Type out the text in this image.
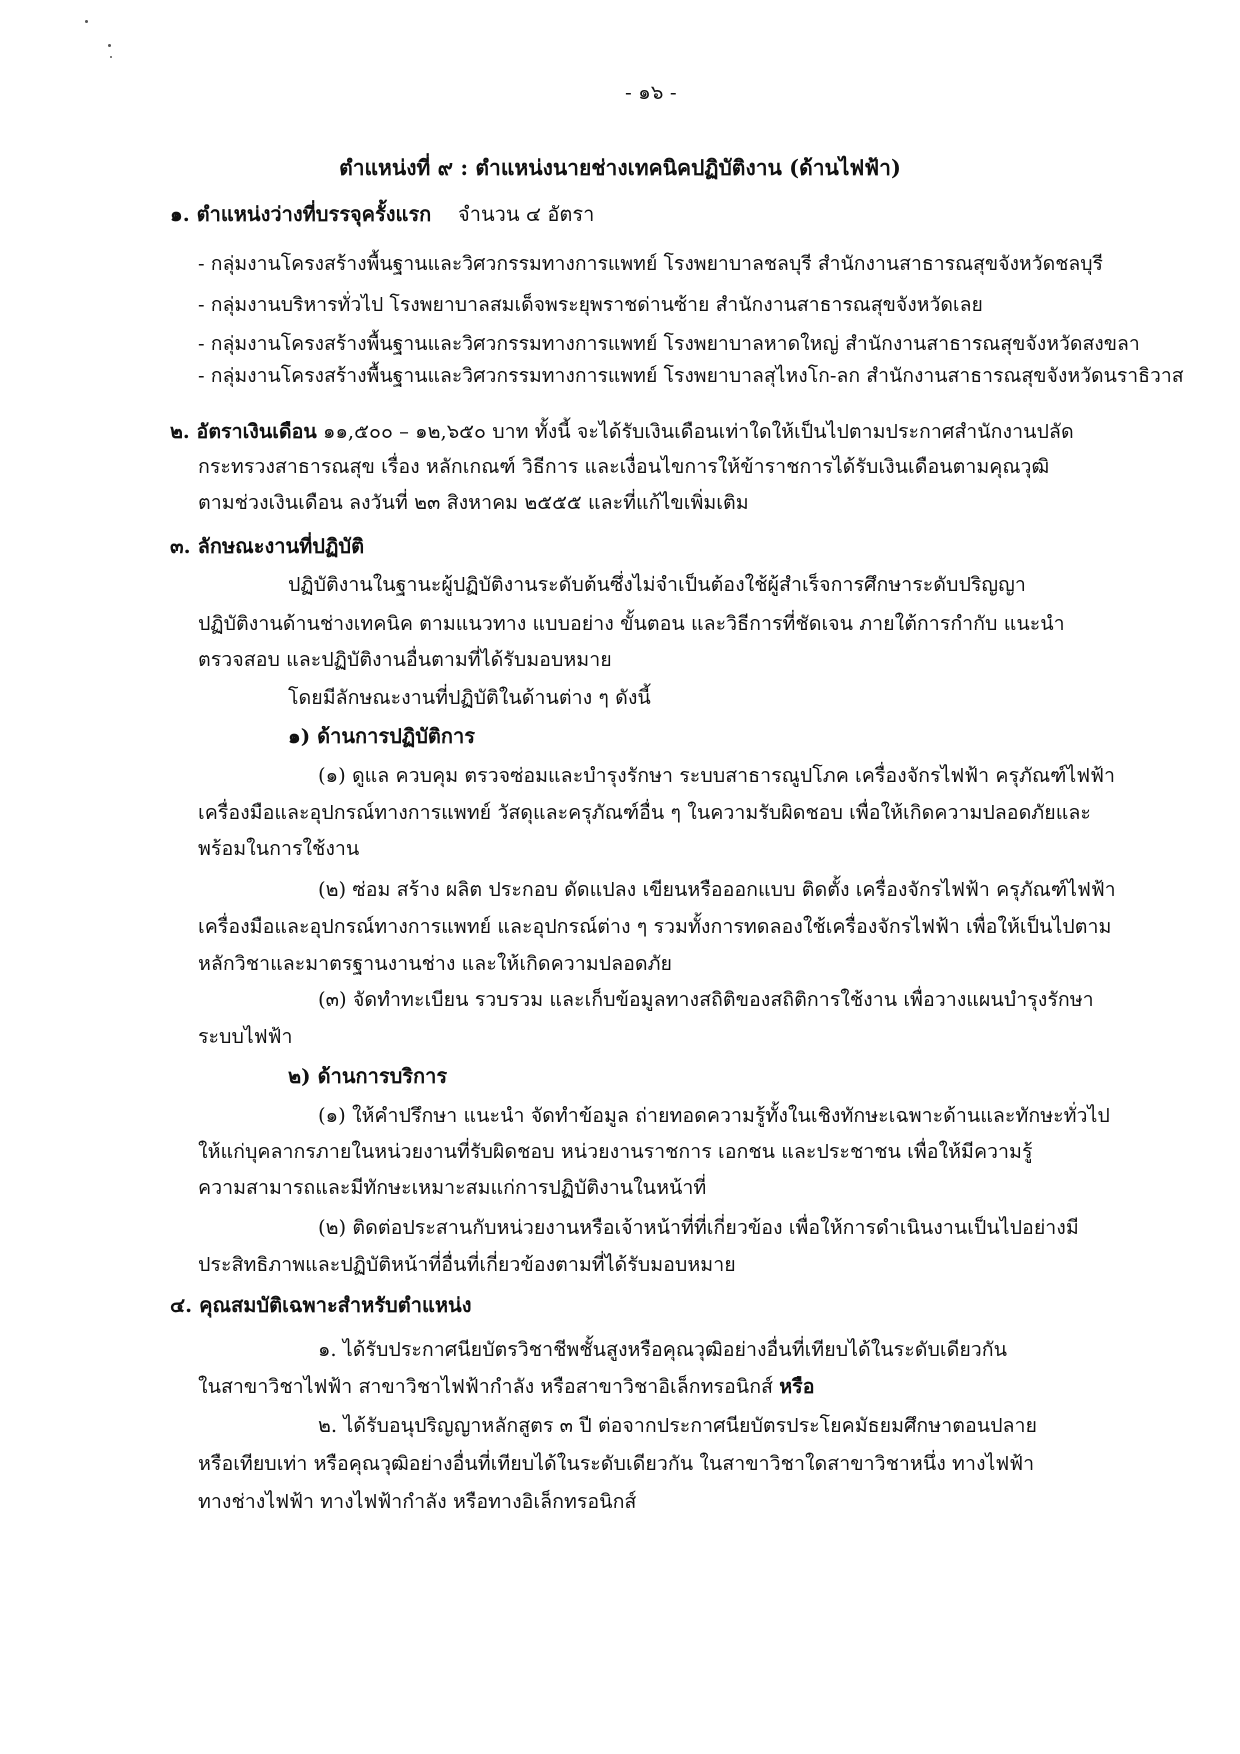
- ๑๖ -
ตำแหน่งที่ ๙ : ตำแหน่งนายช่างเทคนิคปฏิบัติงาน (ด้านไฟฟ้า)
๑. ตำแหน่งว่างที่บรรจุครั้งแรก จำนวน ๔ อัตรา
- กลุ่มงานโครงสร้างพื้นฐานและวิศวกรรมทางการแพทย์ โรงพยาบาลชลบุรี สำนักงานสาธารณสุขจังหวัดชลบุรี
- กลุ่มงานบริหารทั่วไป โรงพยาบาลสมเด็จพระยุพราชด่านซ้าย สำนักงานสาธารณสุขจังหวัดเลย
- กลุ่มงานโครงสร้างพื้นฐานและวิศวกรรมทางการแพทย์ โรงพยาบาลหาดใหญ่ สำนักงานสาธารณสุขจังหวัดสงขลา
- กลุ่มงานโครงสร้างพื้นฐานและวิศวกรรมทางการแพทย์ โรงพยาบาลสุไหงโก-ลก สำนักงานสาธารณสุขจังหวัดนราธิวาส
๒. อัตราเงินเดือน ๑๑,๕๐๐ – ๑๒,๖๕๐ บาท ทั้งนี้ จะได้รับเงินเดือนเท่าใดให้เป็นไปตามประกาศสำนักงานปลัด
กระทรวงสาธารณสุข เรื่อง หลักเกณฑ์ วิธีการ และเงื่อนไขการให้ข้าราชการได้รับเงินเดือนตามคุณวุฒิ
ตามช่วงเงินเดือน ลงวันที่ ๒๓ สิงหาคม ๒๕๕๕ และที่แก้ไขเพิ่มเติม
๓. ลักษณะงานที่ปฏิบัติ
ปฏิบัติงานในฐานะผู้ปฏิบัติงานระดับต้นซึ่งไม่จำเป็นต้องใช้ผู้สำเร็จการศึกษาระดับปริญญา
ปฏิบัติงานด้านช่างเทคนิค ตามแนวทาง แบบอย่าง ขั้นตอน และวิธีการที่ชัดเจน ภายใต้การกำกับ แนะนำ
ตรวจสอบ และปฏิบัติงานอื่นตามที่ได้รับมอบหมาย
โดยมีลักษณะงานที่ปฏิบัติในด้านต่าง ๆ ดังนี้
๑) ด้านการปฏิบัติการ
(๑) ดูแล ควบคุม ตรวจซ่อมและบำรุงรักษา ระบบสาธารณูปโภค เครื่องจักรไฟฟ้า ครุภัณฑ์ไฟฟ้า
เครื่องมือและอุปกรณ์ทางการแพทย์ วัสดุและครุภัณฑ์อื่น ๆ ในความรับผิดชอบ เพื่อให้เกิดความปลอดภัยและ
พร้อมในการใช้งาน
(๒) ซ่อม สร้าง ผลิต ประกอบ ดัดแปลง เขียนหรือออกแบบ ติดตั้ง เครื่องจักรไฟฟ้า ครุภัณฑ์ไฟฟ้า
เครื่องมือและอุปกรณ์ทางการแพทย์ และอุปกรณ์ต่าง ๆ รวมทั้งการทดลองใช้เครื่องจักรไฟฟ้า เพื่อให้เป็นไปตาม
หลักวิชาและมาตรฐานงานช่าง และให้เกิดความปลอดภัย
(๓) จัดทำทะเบียน รวบรวม และเก็บข้อมูลทางสถิติของสถิติการใช้งาน เพื่อวางแผนบำรุงรักษา
ระบบไฟฟ้า
๒) ด้านการบริการ
(๑) ให้คำปรึกษา แนะนำ จัดทำข้อมูล ถ่ายทอดความรู้ทั้งในเชิงทักษะเฉพาะด้านและทักษะทั่วไป
ให้แก่บุคลากรภายในหน่วยงานที่รับผิดชอบ หน่วยงานราชการ เอกชน และประชาชน เพื่อให้มีความรู้
ความสามารถและมีทักษะเหมาะสมแก่การปฏิบัติงานในหน้าที่
(๒) ติดต่อประสานกับหน่วยงานหรือเจ้าหน้าที่ที่เกี่ยวข้อง เพื่อให้การดำเนินงานเป็นไปอย่างมี
ประสิทธิภาพและปฏิบัติหน้าที่อื่นที่เกี่ยวข้องตามที่ได้รับมอบหมาย
๔. คุณสมบัติเฉพาะสำหรับตำแหน่ง
๑. ได้รับประกาศนียบัตรวิชาชีพชั้นสูงหรือคุณวุฒิอย่างอื่นที่เทียบได้ในระดับเดียวกัน
ในสาขาวิชาไฟฟ้า สาขาวิชาไฟฟ้ากำลัง หรือสาขาวิชาอิเล็กทรอนิกส์ หรือ
๒. ได้รับอนุปริญญาหลักสูตร ๓ ปี ต่อจากประกาศนียบัตรประโยคมัธยมศึกษาตอนปลาย
หรือเทียบเท่า หรือคุณวุฒิอย่างอื่นที่เทียบได้ในระดับเดียวกัน ในสาขาวิชาใดสาขาวิชาหนึ่ง ทางไฟฟ้า
ทางช่างไฟฟ้า ทางไฟฟ้ากำลัง หรือทางอิเล็กทรอนิกส์
